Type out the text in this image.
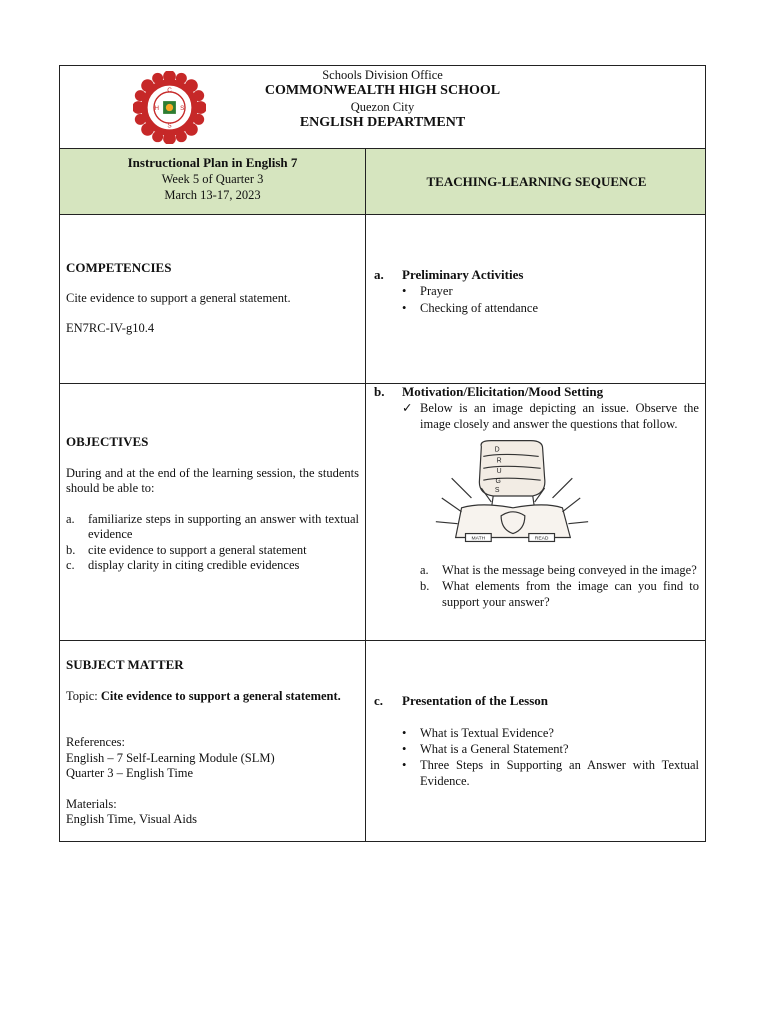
C
H	S
S
Schools Division Office
COMMONWEALTH HIGH SCHOOL
Quezon City
ENGLISH DEPARTMENT
Instructional Plan in English 7
Week 5 of Quarter 3
March 13-17, 2023
TEACHING-LEARNING SEQUENCE

COMPETENCIES

Cite evidence to support a general statement.

EN7RC-IV-g10.4

a. Preliminary Activities
• Prayer
• Checking of attendance

OBJECTIVES

During and at the end of the learning session, the students should be able to:

a. familiarize steps in supporting an answer with textual evidence
b. cite evidence to support a general statement
c. display clarity in citing credible evidences
b. Motivation/Elicitation/Mood Setting
✓ Below is an image depicting an issue. Observe the image closely and answer the questions that follow.
D
R
U
G
S
MATH	READ
a. What is the message being conveyed in the image?
b. What elements from the image can you find to support your answer?

SUBJECT MATTER

Topic: Cite evidence to support a general statement.

References:

English – 7 Self-Learning Module (SLM)

Quarter 3 – English Time

Materials:

English Time, Visual Aids

c. Presentation of the Lesson
• What is Textual Evidence?
• What is a General Statement?
• Three Steps in Supporting an Answer with Textual Evidence.
